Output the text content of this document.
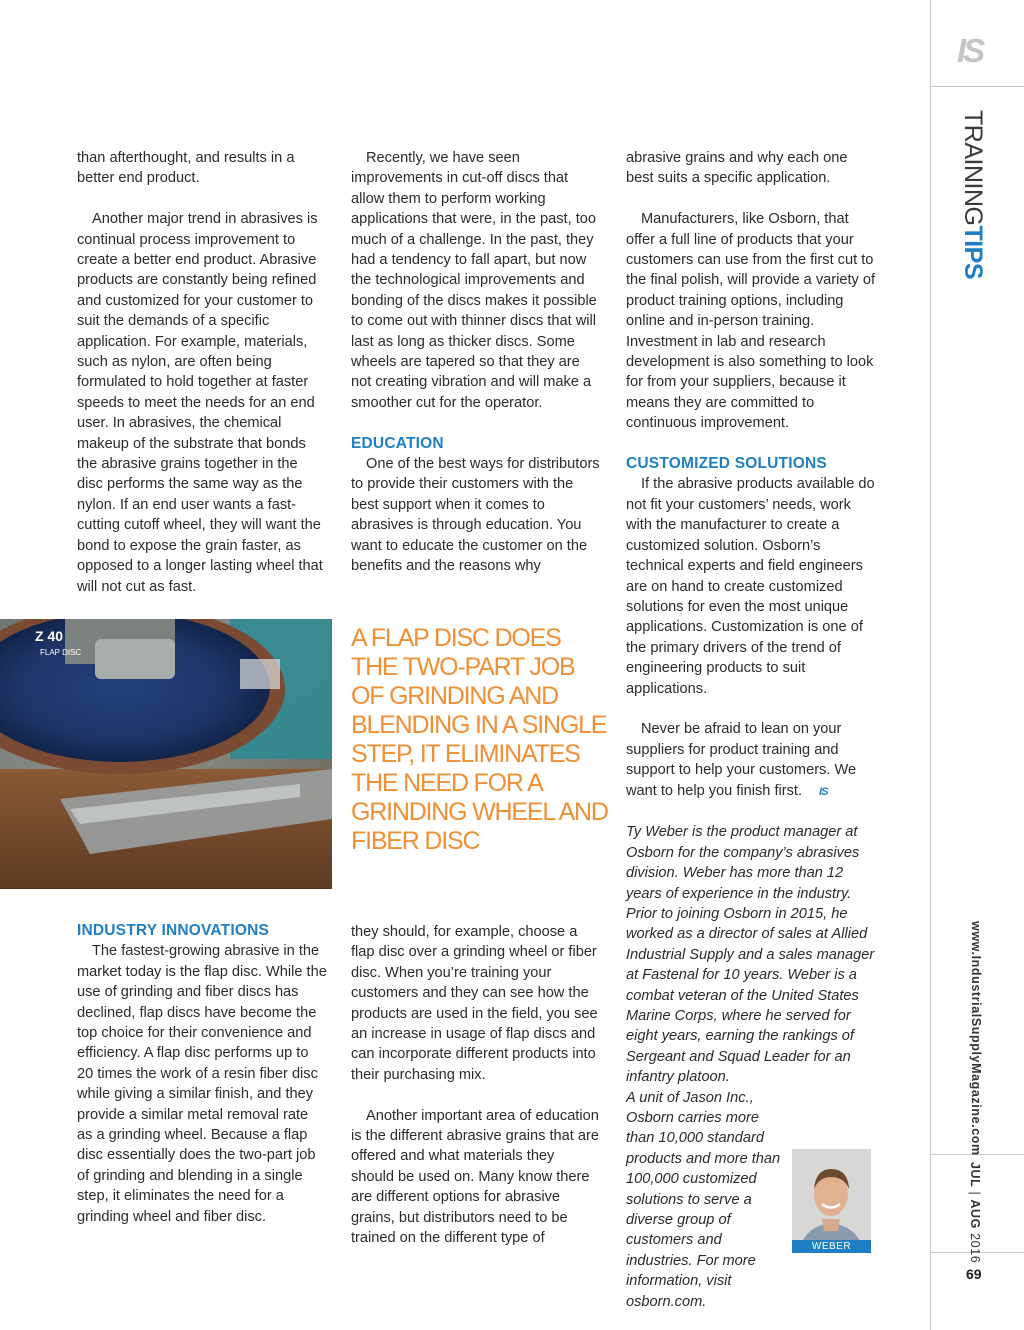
than afterthought, and results in a better end product.

Another major trend in abrasives is continual process improvement to create a better end product. Abrasive products are constantly being refined and customized for your customer to suit the demands of a specific application. For example, materials, such as nylon, are often being formulated to hold together at faster speeds to meet the needs for an end user. In abrasives, the chemical makeup of the substrate that bonds the abrasive grains together in the disc performs the same way as the nylon. If an end user wants a fast-cutting cutoff wheel, they will want the bond to expose the grain faster, as opposed to a longer lasting wheel that will not cut as fast.

Z 40
FLAP DISC

INDUSTRY INNOVATIONS

The fastest-growing abrasive in the market today is the flap disc. While the use of grinding and fiber discs has declined, flap discs have become the top choice for their convenience and efficiency. A flap disc performs up to 20 times the work of a resin fiber disc while giving a similar finish, and they provide a similar metal removal rate as a grinding wheel. Because a flap disc essentially does the two-part job of grinding and blending in a single step, it eliminates the need for a grinding wheel and fiber disc.

Recently, we have seen improvements in cut-off discs that allow them to perform working applications that were, in the past, too much of a challenge. In the past, they had a tendency to fall apart, but now the technological improvements and bonding of the discs makes it possible to come out with thinner discs that will last as long as thicker discs. Some wheels are tapered so that they are not creating vibration and will make a smoother cut for the operator.

EDUCATION

One of the best ways for distributors to provide their customers with the best support when it comes to abrasives is through education. You want to educate the customer on the benefits and the reasons why

A FLAP DISC DOES THE TWO-PART JOB OF GRINDING AND BLENDING IN A SINGLE STEP, IT ELIMINATES THE NEED FOR A GRINDING WHEEL AND FIBER DISC

they should, for example, choose a flap disc over a grinding wheel or fiber disc. When you’re training your customers and they can see how the products are used in the field, you see an increase in usage of flap discs and can incorporate different products into their purchasing mix.

Another important area of education is the different abrasive grains that are offered and what materials they should be used on. Many know there are different options for abrasive grains, but distributors need to be trained on the different type of

abrasive grains and why each one best suits a specific application.

Manufacturers, like Osborn, that offer a full line of products that your customers can use from the first cut to the final polish, will provide a variety of product training options, including online and in-person training. Investment in lab and research development is also something to look for from your suppliers, because it means they are committed to continuous improvement.

CUSTOMIZED SOLUTIONS

If the abrasive products available do not fit your customers’ needs, work with the manufacturer to create a customized solution. Osborn’s technical experts and field engineers are on hand to create customized solutions for even the most unique applications. Customization is one of the primary drivers of the trend of engineering products to suit applications.

Never be afraid to lean on your suppliers for product training and support to help your customers. We want to help you finish first. IS

Ty Weber is the product manager at Osborn for the company’s abrasives division. Weber has more than 12 years of experience in the industry. Prior to joining Osborn in 2015, he worked as a director of sales at Allied Industrial Supply and a sales manager at Fastenal for 10 years. Weber is a combat veteran of the United States Marine Corps, where he served for eight years, earning the rankings of Sergeant and Squad Leader for an infantry platoon.

A unit of Jason Inc., Osborn carries more than 10,000 standard products and more than 100,000 customized solutions to serve a diverse group of customers and industries. For more information, visit osborn.com.

WEBER
IS
TRAININGTIPS
www.IndustrialSupplyMagazine.com
JUL | AUG 2016
69
